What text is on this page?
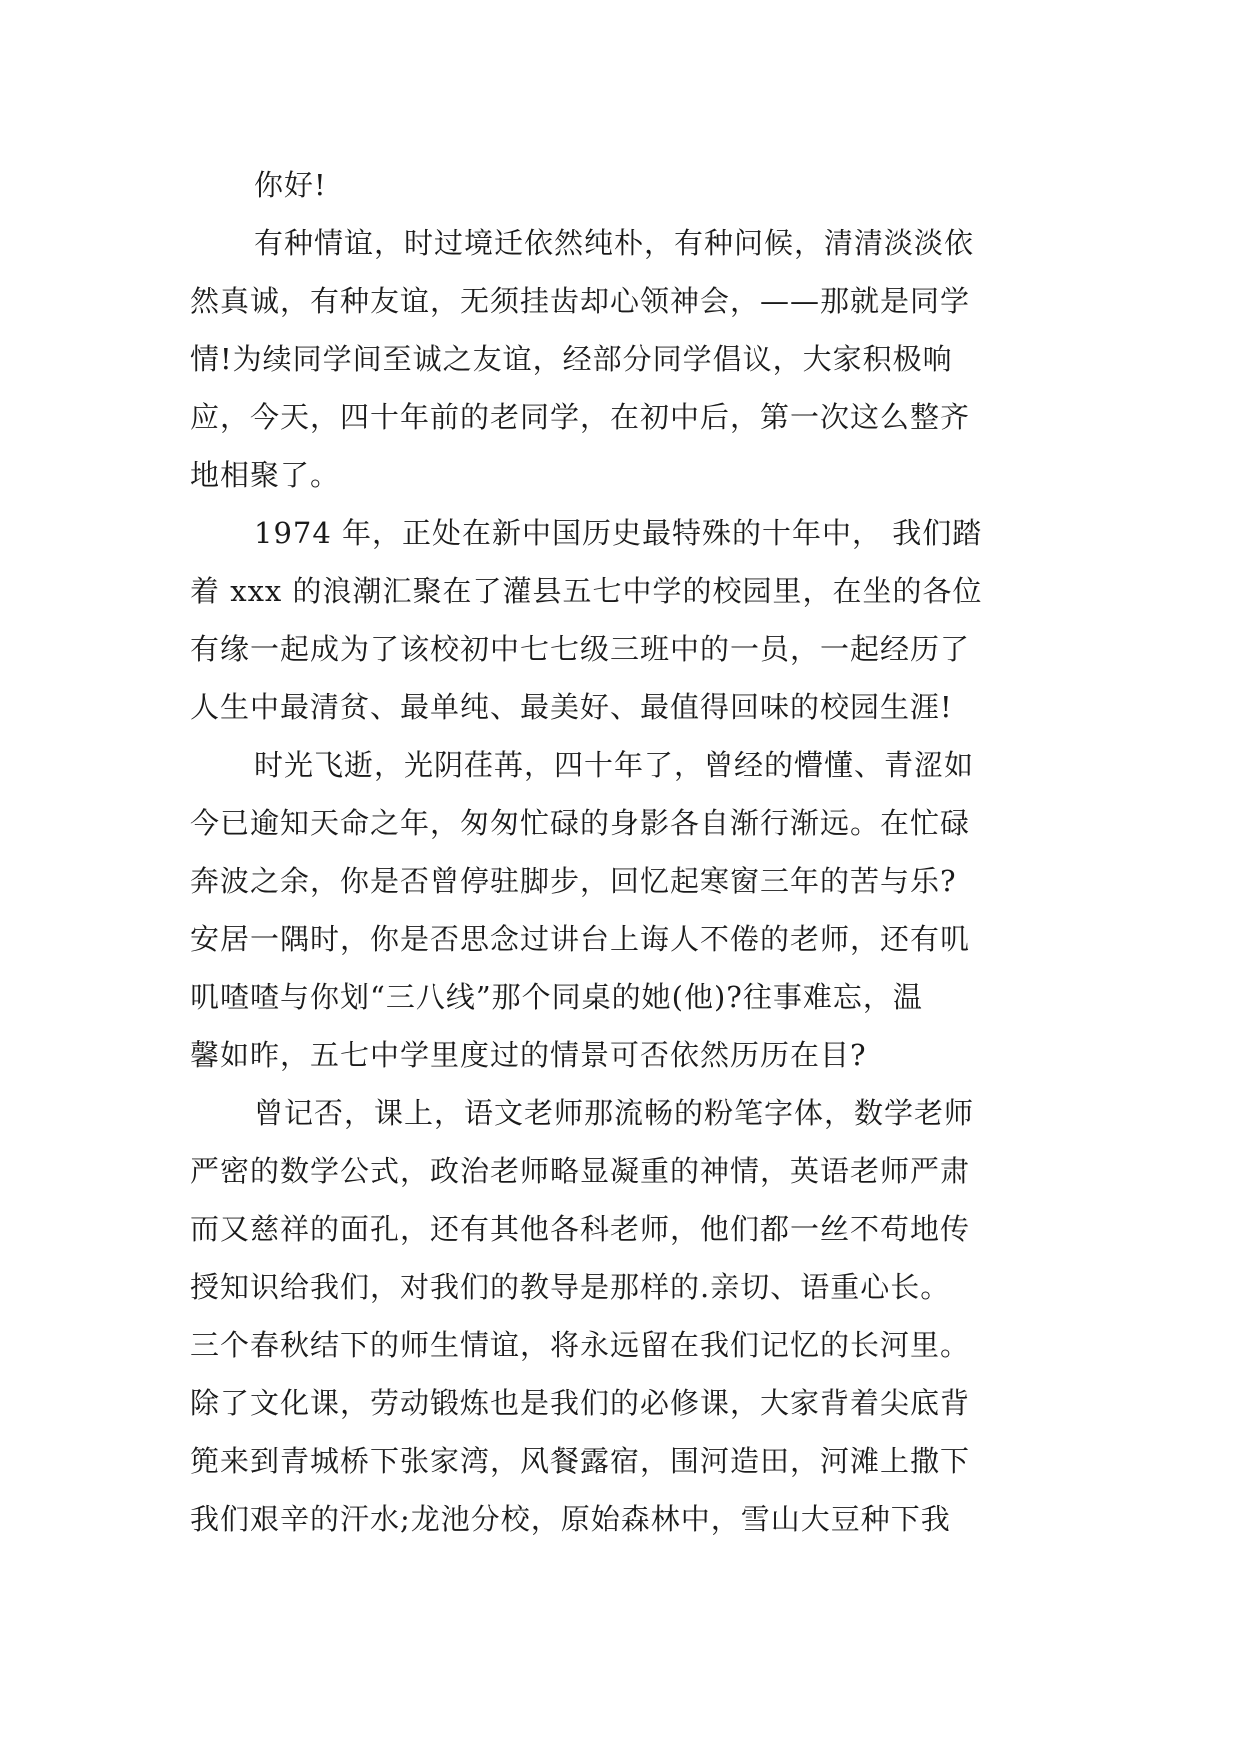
你好!
有种情谊，时过境迁依然纯朴，有种问候，清清淡淡依
然真诚，有种友谊，无须挂齿却心领神会，——那就是同学
情!为续同学间至诚之友谊，经部分同学倡议，大家积极响
应，今天，四十年前的老同学，在初中后，第一次这么整齐
地相聚了。
1974 年，正处在新中国历史最特殊的十年中， 我们踏
着 xxx 的浪潮汇聚在了灌县五七中学的校园里，在坐的各位
有缘一起成为了该校初中七七级三班中的一员，一起经历了
人生中最清贫、最单纯、最美好、最值得回味的校园生涯!
时光飞逝，光阴荏苒，四十年了，曾经的懵懂、青涩如
今已逾知天命之年，匆匆忙碌的身影各自渐行渐远。在忙碌
奔波之余，你是否曾停驻脚步，回忆起寒窗三年的苦与乐?
安居一隅时，你是否思念过讲台上诲人不倦的老师，还有叽
叽喳喳与你划“三八线”那个同桌的她(他)?往事难忘，温
馨如昨，五七中学里度过的情景可否依然历历在目?
曾记否，课上，语文老师那流畅的粉笔字体，数学老师
严密的数学公式，政治老师略显凝重的神情，英语老师严肃
而又慈祥的面孔，还有其他各科老师，他们都一丝不苟地传
授知识给我们，对我们的教导是那样的.亲切、语重心长。
三个春秋结下的师生情谊，将永远留在我们记忆的长河里。
除了文化课，劳动锻炼也是我们的必修课，大家背着尖底背
篼来到青城桥下张家湾，风餐露宿，围河造田，河滩上撒下
我们艰辛的汗水;龙池分校，原始森林中，雪山大豆种下我
